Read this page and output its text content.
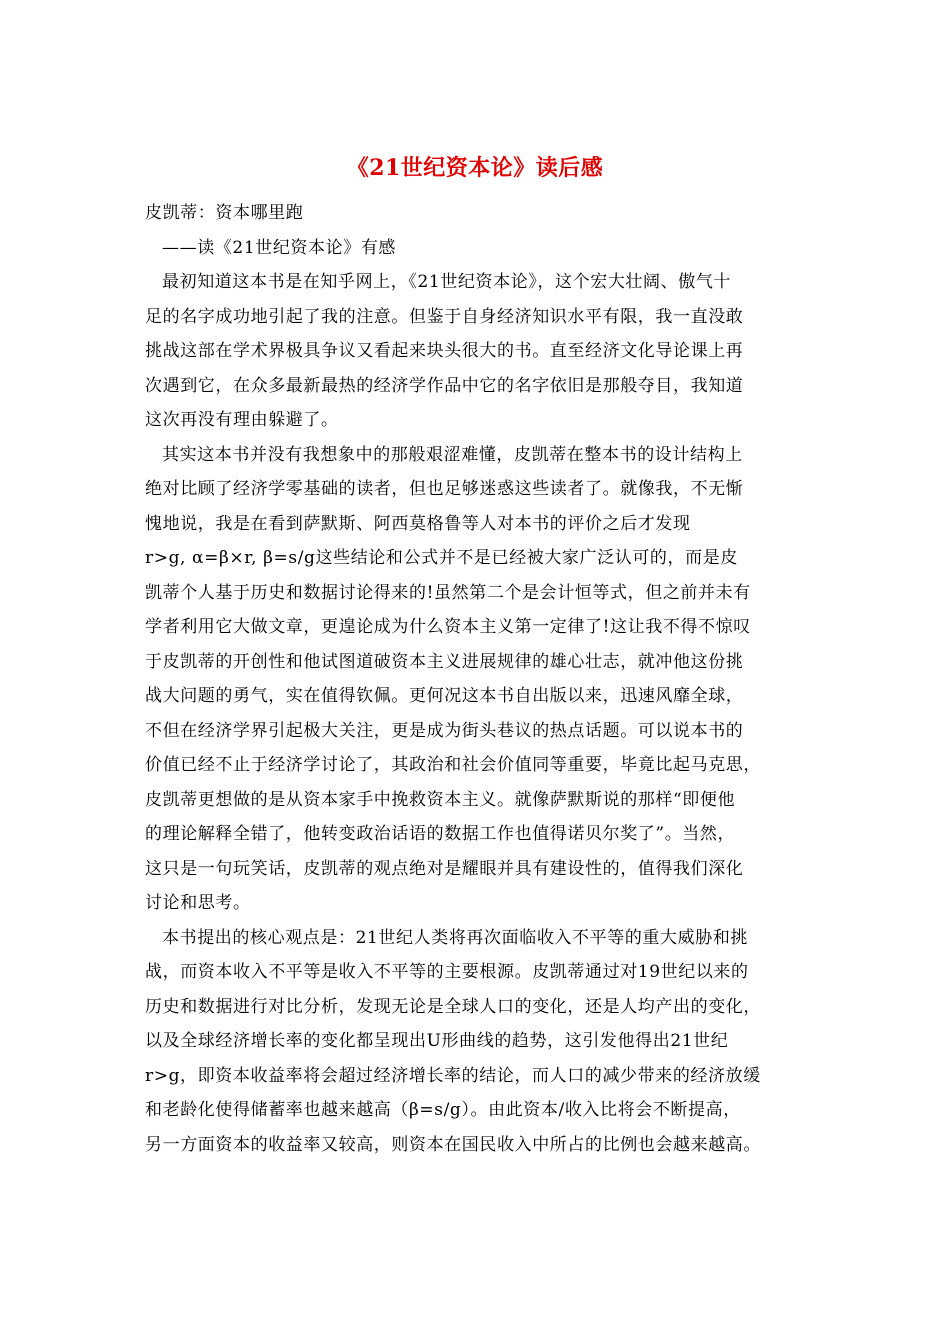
《21世纪资本论》读后感
皮凯蒂：资本哪里跑
——读《21世纪资本论》有感
最初知道这本书是在知乎网上，《21世纪资本论》，这个宏大壮阔、傲气十
足的名字成功地引起了我的注意。但鉴于自身经济知识水平有限，我一直没敢
挑战这部在学术界极具争议又看起来块头很大的书。直至经济文化导论课上再
次遇到它，在众多最新最热的经济学作品中它的名字依旧是那般夺目，我知道
这次再没有理由躲避了。
其实这本书并没有我想象中的那般艰涩难懂，皮凯蒂在整本书的设计结构上
绝对比顾了经济学零基础的读者，但也足够迷惑这些读者了。就像我，不无惭
愧地说，我是在看到萨默斯、阿西莫格鲁等人对本书的评价之后才发现
r>g, α=β×r, β=s/g这些结论和公式并不是已经被大家广泛认可的，而是皮
凯蒂个人基于历史和数据讨论得来的!虽然第二个是会计恒等式，但之前并未有
学者利用它大做文章，更遑论成为什么资本主义第一定律了!这让我不得不惊叹
于皮凯蒂的开创性和他试图道破资本主义进展规律的雄心壮志，就冲他这份挑
战大问题的勇气，实在值得钦佩。更何况这本书自出版以来，迅速风靡全球，
不但在经济学界引起极大关注，更是成为街头巷议的热点话题。可以说本书的
价值已经不止于经济学讨论了，其政治和社会价值同等重要，毕竟比起马克思，
皮凯蒂更想做的是从资本家手中挽救资本主义。就像萨默斯说的那样“即便他
的理论解释全错了，他转变政治话语的数据工作也值得诺贝尔奖了”。当然，
这只是一句玩笑话，皮凯蒂的观点绝对是耀眼并具有建设性的，值得我们深化
讨论和思考。
本书提出的核心观点是：21世纪人类将再次面临收入不平等的重大威胁和挑
战，而资本收入不平等是收入不平等的主要根源。皮凯蒂通过对19世纪以来的
历史和数据进行对比分析，发现无论是全球人口的变化，还是人均产出的变化，
以及全球经济增长率的变化都呈现出U形曲线的趋势，这引发他得出21世纪
r>g，即资本收益率将会超过经济增长率的结论，而人口的减少带来的经济放缓
和老龄化使得储蓄率也越来越高（β=s/g）。由此资本/收入比将会不断提高，
另一方面资本的收益率又较高，则资本在国民收入中所占的比例也会越来越高。
